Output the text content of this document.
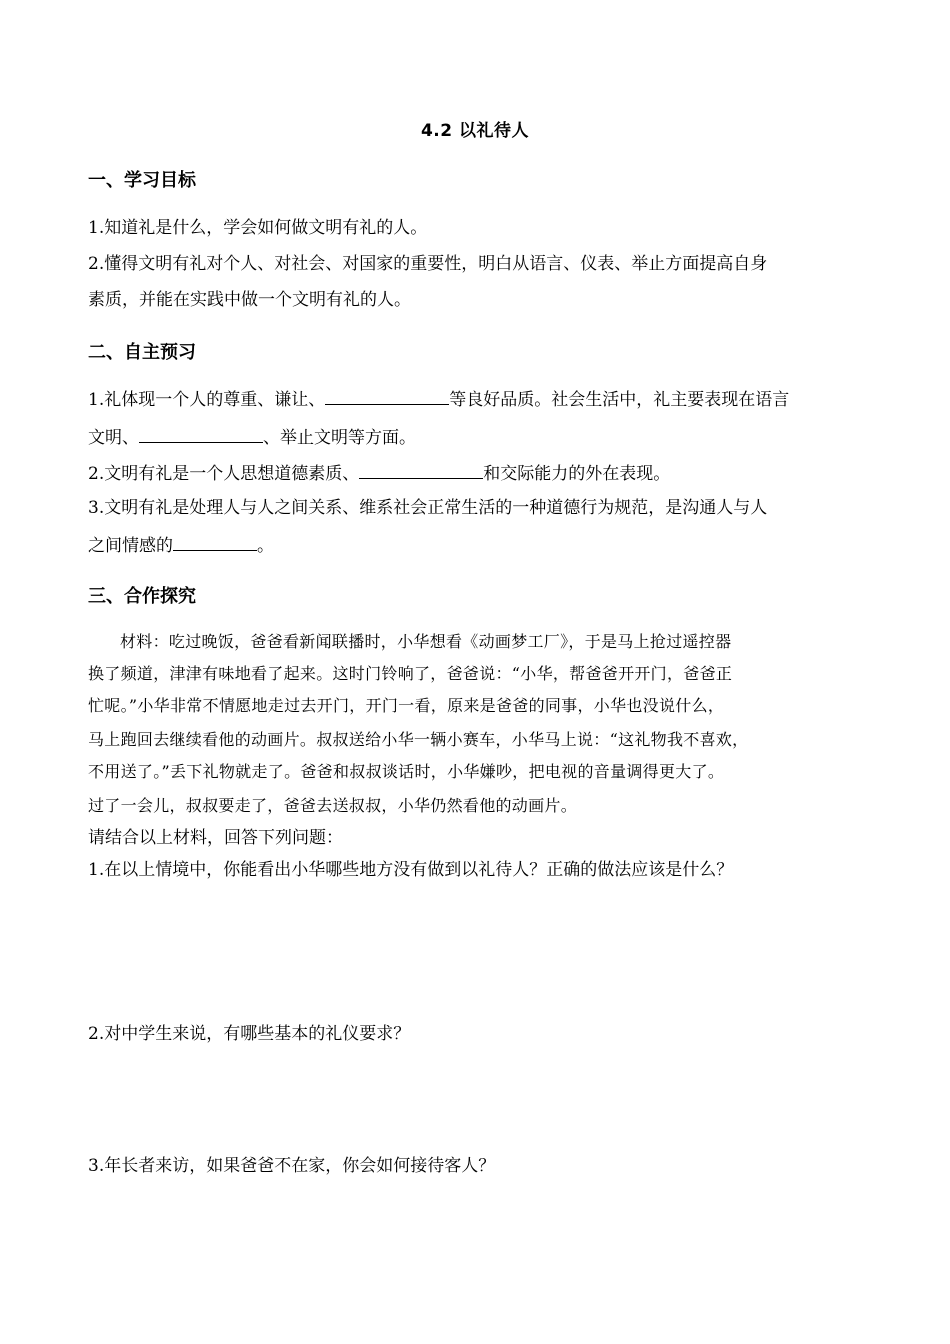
4.2 以礼待人
一、学习目标
1.知道礼是什么，学会如何做文明有礼的人。
2.懂得文明有礼对个人、对社会、对国家的重要性，明白从语言、仪表、举止方面提高自身
素质，并能在实践中做一个文明有礼的人。
二、自主预习
1.礼体现一个人的尊重、谦让、	等良好品质。社会生活中，礼主要表现在语言
文明、	、举止文明等方面。
2.文明有礼是一个人思想道德素质、	和交际能力的外在表现。
3.文明有礼是处理人与人之间关系、维系社会正常生活的一种道德行为规范，是沟通人与人
之间情感的	。
三、合作探究
材料：吃过晚饭，爸爸看新闻联播时，小华想看《动画梦工厂》，于是马上抢过遥控器
换了频道，津津有味地看了起来。这时门铃响了，爸爸说：“小华，帮爸爸开开门，爸爸正
忙呢。”小华非常不情愿地走过去开门，开门一看，原来是爸爸的同事，小华也没说什么，
马上跑回去继续看他的动画片。叔叔送给小华一辆小赛车，小华马上说：“这礼物我不喜欢，
不用送了。”丢下礼物就走了。爸爸和叔叔谈话时，小华嫌吵，把电视的音量调得更大了。
过了一会儿，叔叔要走了，爸爸去送叔叔，小华仍然看他的动画片。
请结合以上材料，回答下列问题：
1.在以上情境中，你能看出小华哪些地方没有做到以礼待人？正确的做法应该是什么？
2.对中学生来说，有哪些基本的礼仪要求？
3.年长者来访，如果爸爸不在家，你会如何接待客人？
